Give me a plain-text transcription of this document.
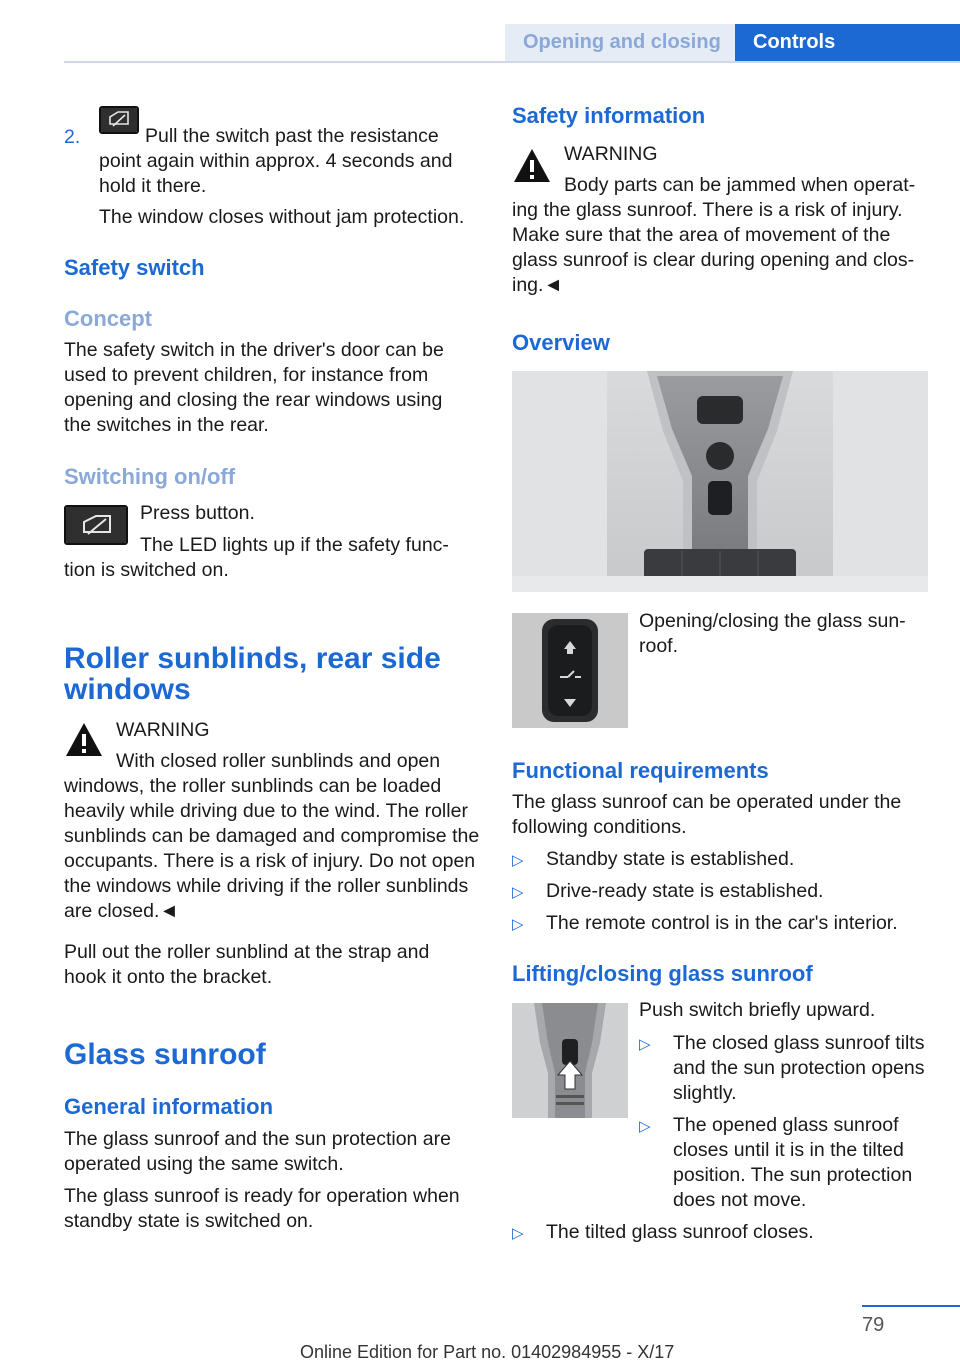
Opening and closing	Controls
2.	Pull the switch past the resistance point again within approx. 4 seconds and hold it there.
The window closes without jam protection.
Safety switch
Concept
The safety switch in the driver's door can be used to prevent children, for instance from opening and closing the rear windows using the switches in the rear.
Switching on/off
Press button.
The LED lights up if the safety func‐
tion is switched on.
Roller sunblinds, rear side windows
WARNING
With closed roller sunblinds and open
windows, the roller sunblinds can be loaded heavily while driving due to the wind. The roller sunblinds can be damaged and compromise the occupants. There is a risk of injury. Do not open the windows while driving if the roller sunblinds are closed.◄
Pull out the roller sunblind at the strap and hook it onto the bracket.
Glass sunroof
General information
The glass sunroof and the sun protection are operated using the same switch.
The glass sunroof is ready for operation when standby state is switched on.
Safety information
WARNING
Body parts can be jammed when operat‐
ing the glass sunroof. There is a risk of injury. Make sure that the area of movement of the glass sunroof is clear during opening and clos‐ing.◄
Overview
Opening/closing the glass sun‐roof.
Functional requirements
The glass sunroof can be operated under the following conditions.
▷ Standby state is established.
▷ Drive-ready state is established.
▷ The remote control is in the car's interior.
Lifting/closing glass sunroof
Push switch briefly upward.
▷ The closed glass sunroof tilts and the sun protection opens slightly.
▷ The opened glass sunroof closes until it is in the tilted position. The sun protection does not move.
▷ The tilted glass sunroof closes.
79
Online Edition for Part no. 01402984955 - X/17
